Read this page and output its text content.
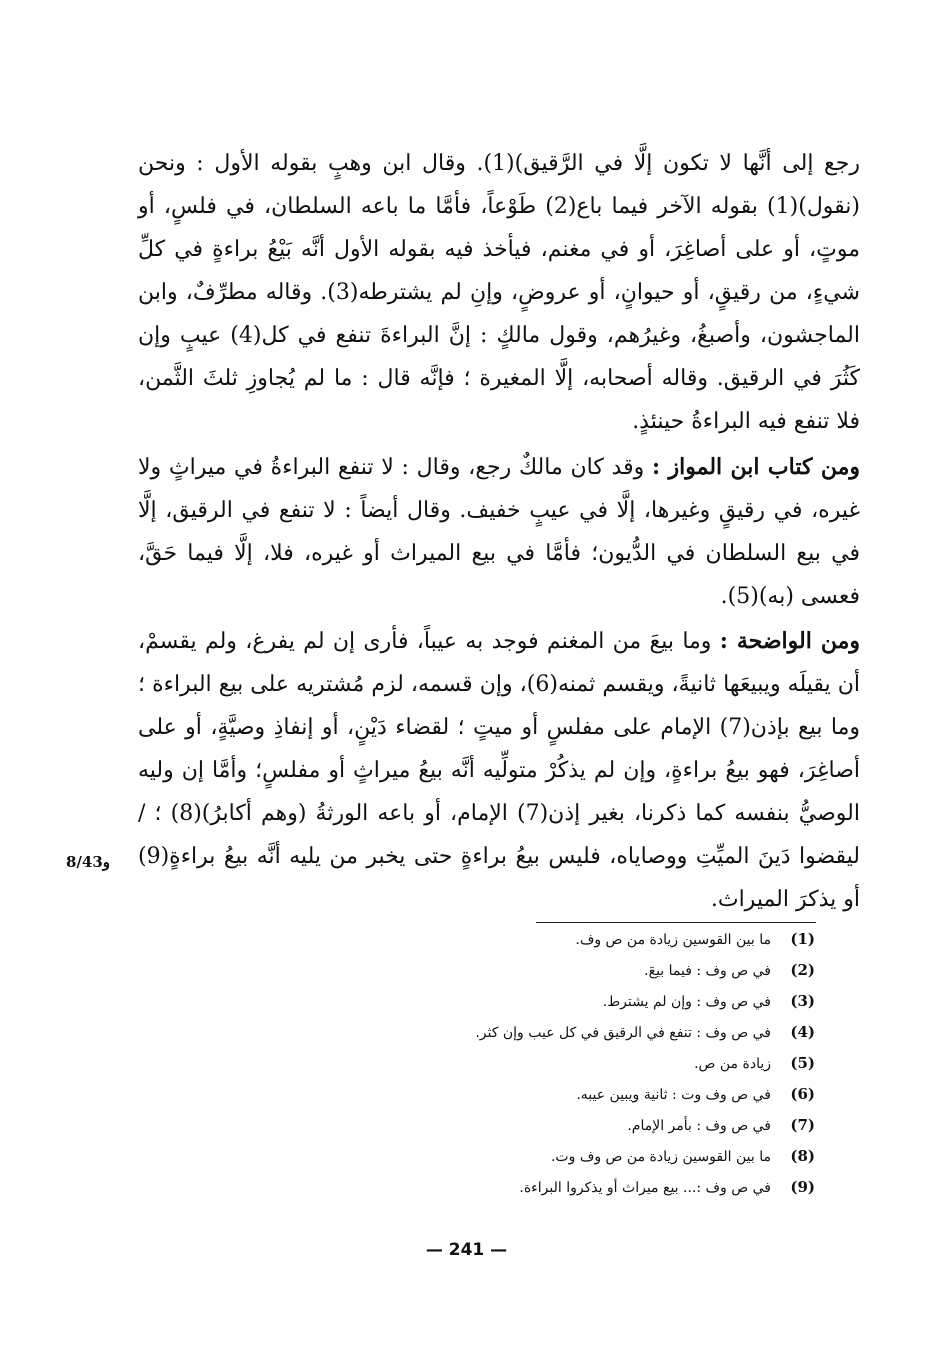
رجع إلى أنَّها لا تكون إلَّا في الرَّقيق)(1). وقال ابن وهبٍ بقوله الأول : ونحن (نقول)(1) بقوله الآخر فيما باع(2) طَوْعاً، فأمَّا ما باعه السلطان، في فلسٍ، أو موتٍ، أو على أصاغِرَ، أو في مغنم، فيأخذ فيه بقوله الأول أنَّه بَيْعُ براءةٍ في كلِّ شيءٍ، من رقيقٍ، أو حيوانٍ، أو عروضٍ، وإنِ لم يشترطه(3). وقاله مطرِّفٌ، وابن الماجشون، وأصبغُ، وغيرُهم، وقول مالكٍ : إنَّ البراءةَ تنفع في كل(4) عيبٍ وإن كَثُرَ في الرقيق. وقاله أصحابه، إلَّا المغيرة ؛ فإنَّه قال : ما لم يُجاوزِ ثلثَ الثَّمن، فلا تنفع فيه البراءةُ حينئذٍ.
ومن كتاب ابن المواز : وقد كان مالكٌ رجع، وقال : لا تنفع البراءةُ في ميراثٍ ولا غيره، في رقيقٍ وغيرها، إلَّا في عيبٍ خفيف. وقال أيضاً : لا تنفع في الرقيق، إلَّا في بيع السلطان في الدُّيون؛ فأمَّا في بيع الميراث أو غيره، فلا، إلَّا فيما حَقَّ، فعسى (به)(5).
ومن الواضحة : وما بيعَ من المغنم فوجد به عيباً، فأرى إن لم يفرغ، ولم يقسمْ، أن يقيلَه ويبيعَها ثانيةً، ويقسم ثمنه(6)، وإن قسمه، لزم مُشتريه على بيع البراءة ؛ وما بيع بإذن(7) الإمام على مفلسٍ أو ميتٍ ؛ لقضاء دَيْنٍ، أو إنفاذِ وصيَّةٍ، أو على أصاغِرَ، فهو بيعُ براءةٍ، وإن لم يذكُرْ متولِّيه أنَّه بيعُ ميراثٍ أو مفلسٍ؛ وأمَّا إن وليه الوصيُّ بنفسه كما ذكرنا، بغير إذن(7) الإمام، أو باعه الورثةُ (وهم أكابرُ)(8) ؛ / ليقضوا دَينَ الميِّتِ ووصاياه، فليس بيعُ براءةٍ حتى يخبر من يليه أنَّه بيعُ براءةٍ(9) أو يذكرَ الميراث.
8/43و
(1)
ما بين القوسين زيادة من ص وف.
(2)
في ص وف : فيما بيعَ.
(3)
في ص وف : وإن لم يشترط.
(4)
في ص وف : تنفع في الرقيق في كل عيب وإن كثر.
(5)
زيادة من ص.
(6)
في ص وف وت : ثانية ويبين عيبه.
(7)
في ص وف : بأمر الإمام.
(8)
ما بين القوسين زيادة من ص وف وت.
(9)
في ص وف :... بيع ميراث أو يذكروا البراءة.
— 241 —
